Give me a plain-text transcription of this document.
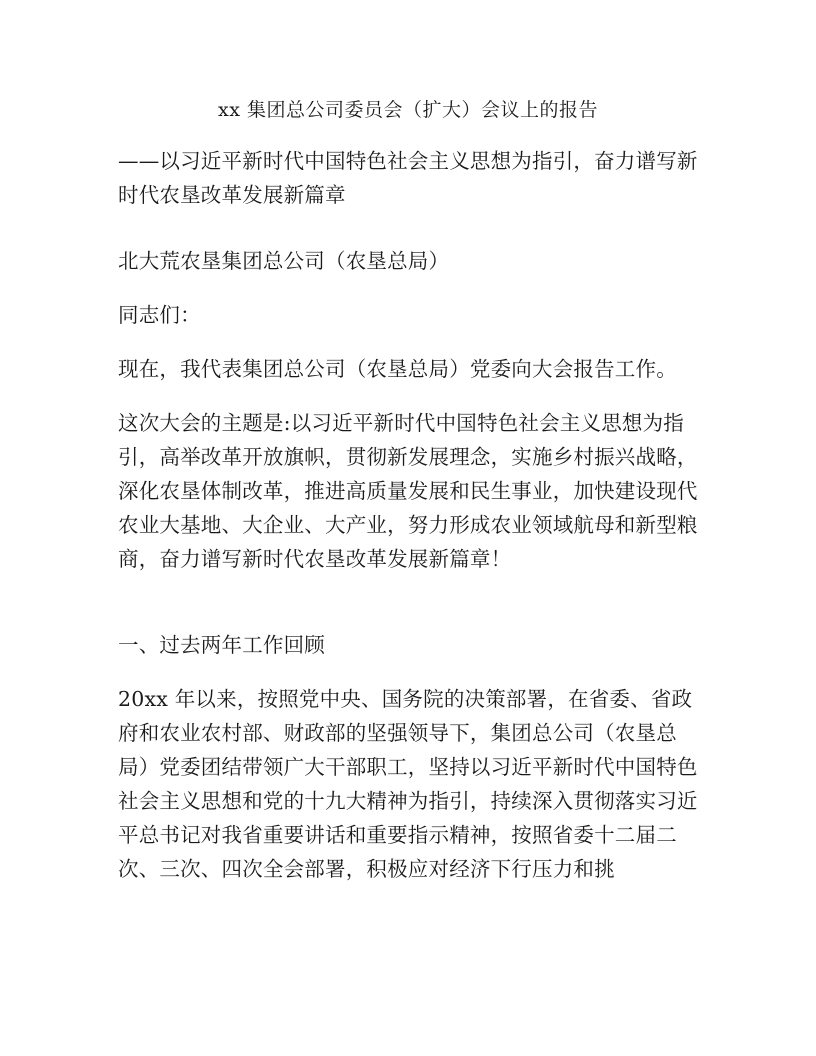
xx 集团总公司委员会（扩大）会议上的报告

——以习近平新时代中国特色社会主义思想为指引，奋力谱写新时代农垦改革发展新篇章

北大荒农垦集团总公司（农垦总局）

同志们：

现在，我代表集团总公司（农垦总局）党委向大会报告工作。

这次大会的主题是:以习近平新时代中国特色社会主义思想为指引，高举改革开放旗帜，贯彻新发展理念，实施乡村振兴战略，深化农垦体制改革，推进高质量发展和民生事业，加快建设现代农业大基地、大企业、大产业，努力形成农业领域航母和新型粮商，奋力谱写新时代农垦改革发展新篇章！

一、过去两年工作回顾

20xx 年以来，按照党中央、国务院的决策部署，在省委、省政府和农业农村部、财政部的坚强领导下，集团总公司（农垦总局）党委团结带领广大干部职工，坚持以习近平新时代中国特色社会主义思想和党的十九大精神为指引，持续深入贯彻落实习近平总书记对我省重要讲话和重要指示精神，按照省委十二届二次、三次、四次全会部署，积极应对经济下行压力和挑
